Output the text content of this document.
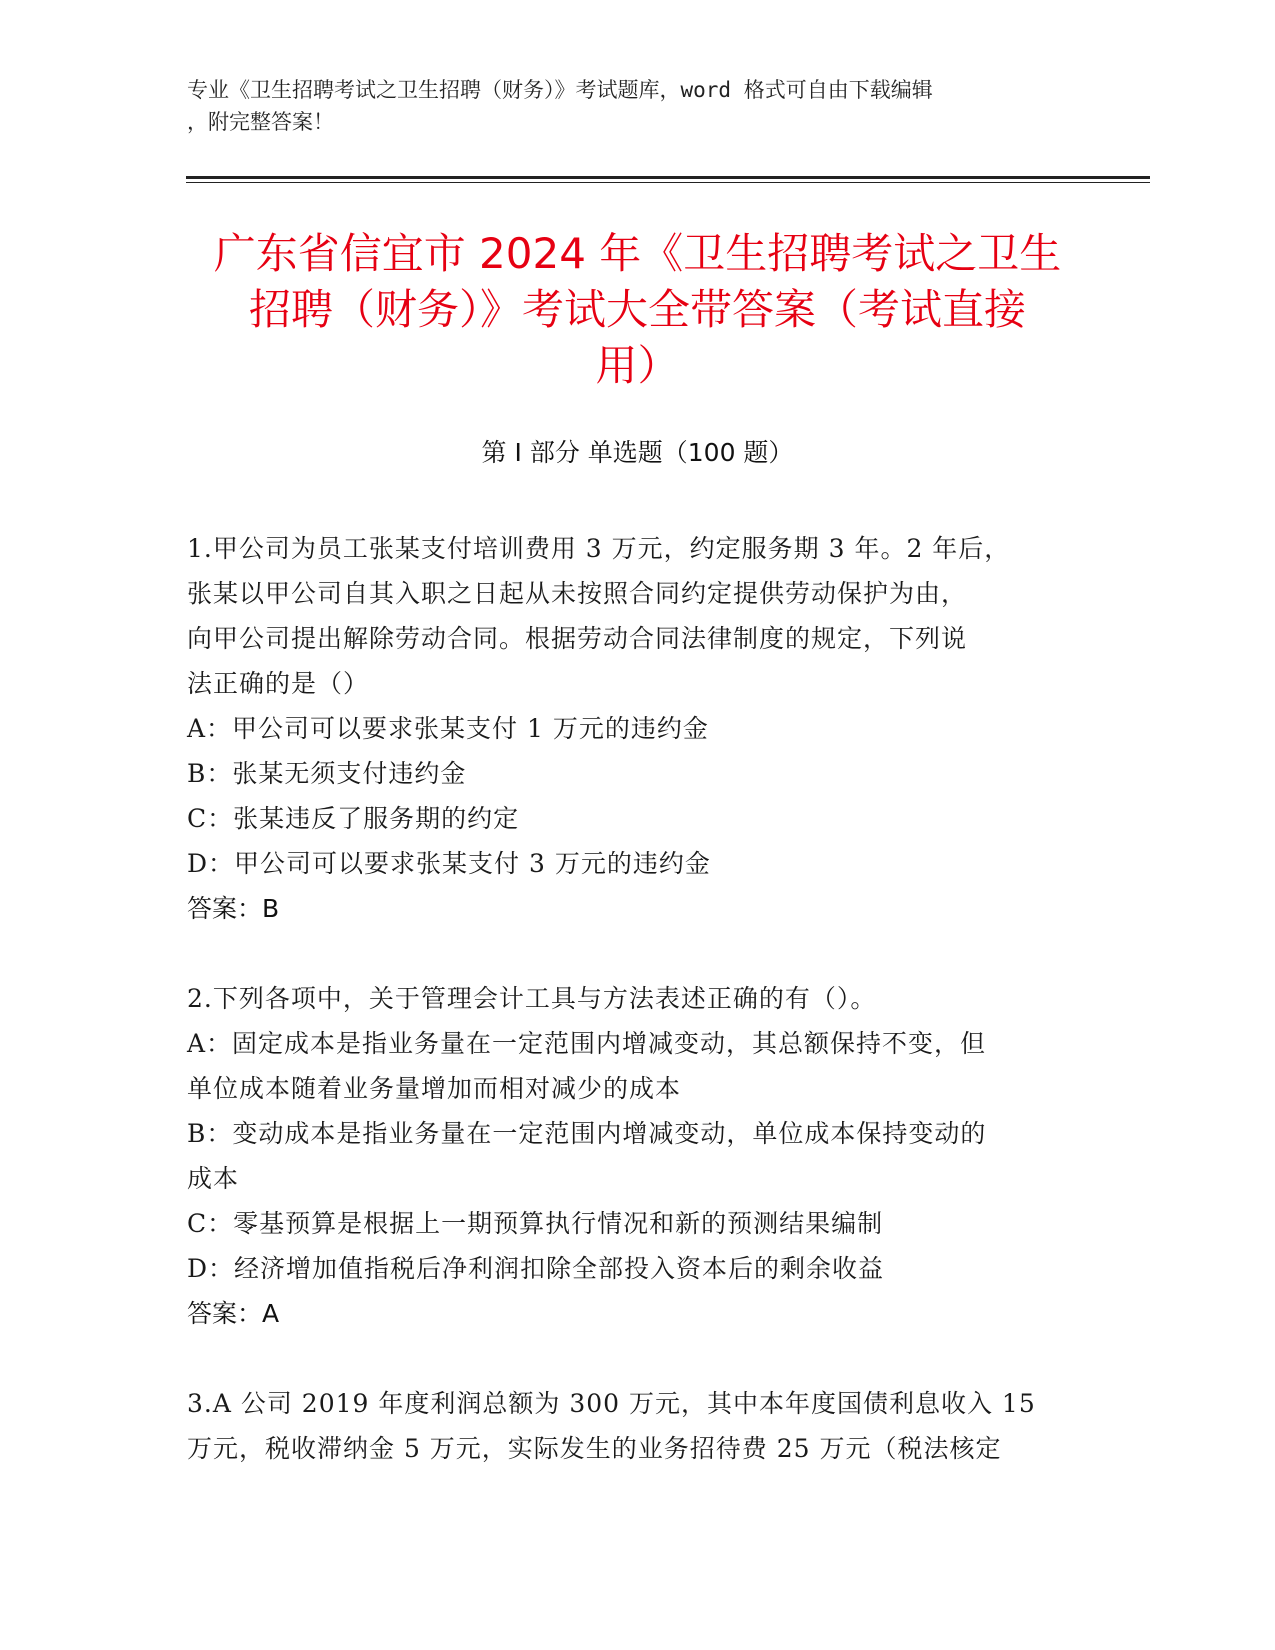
专业《卫生招聘考试之卫生招聘（财务）》考试题库，word 格式可自由下载编辑
，附完整答案！
广东省信宜市 2024 年《卫生招聘考试之卫生
招聘（财务）》考试大全带答案（考试直接
用）
第 I 部分 单选题（100 题）
1.甲公司为员工张某支付培训费用 3 万元，约定服务期 3 年。2 年后，
张某以甲公司自其入职之日起从未按照合同约定提供劳动保护为由，
向甲公司提出解除劳动合同。根据劳动合同法律制度的规定，下列说
法正确的是（）
A：甲公司可以要求张某支付 1 万元的违约金
B：张某无须支付违约金
C：张某违反了服务期的约定
D：甲公司可以要求张某支付 3 万元的违约金
答案：B
2.下列各项中，关于管理会计工具与方法表述正确的有（）。
A：固定成本是指业务量在一定范围内增减变动，其总额保持不变，但
单位成本随着业务量增加而相对减少的成本
B：变动成本是指业务量在一定范围内增减变动，单位成本保持变动的
成本
C：零基预算是根据上一期预算执行情况和新的预测结果编制
D：经济增加值指税后净利润扣除全部投入资本后的剩余收益
答案：A
3.A 公司 2019 年度利润总额为 300 万元，其中本年度国债利息收入 15
万元，税收滞纳金 5 万元，实际发生的业务招待费 25 万元（税法核定
